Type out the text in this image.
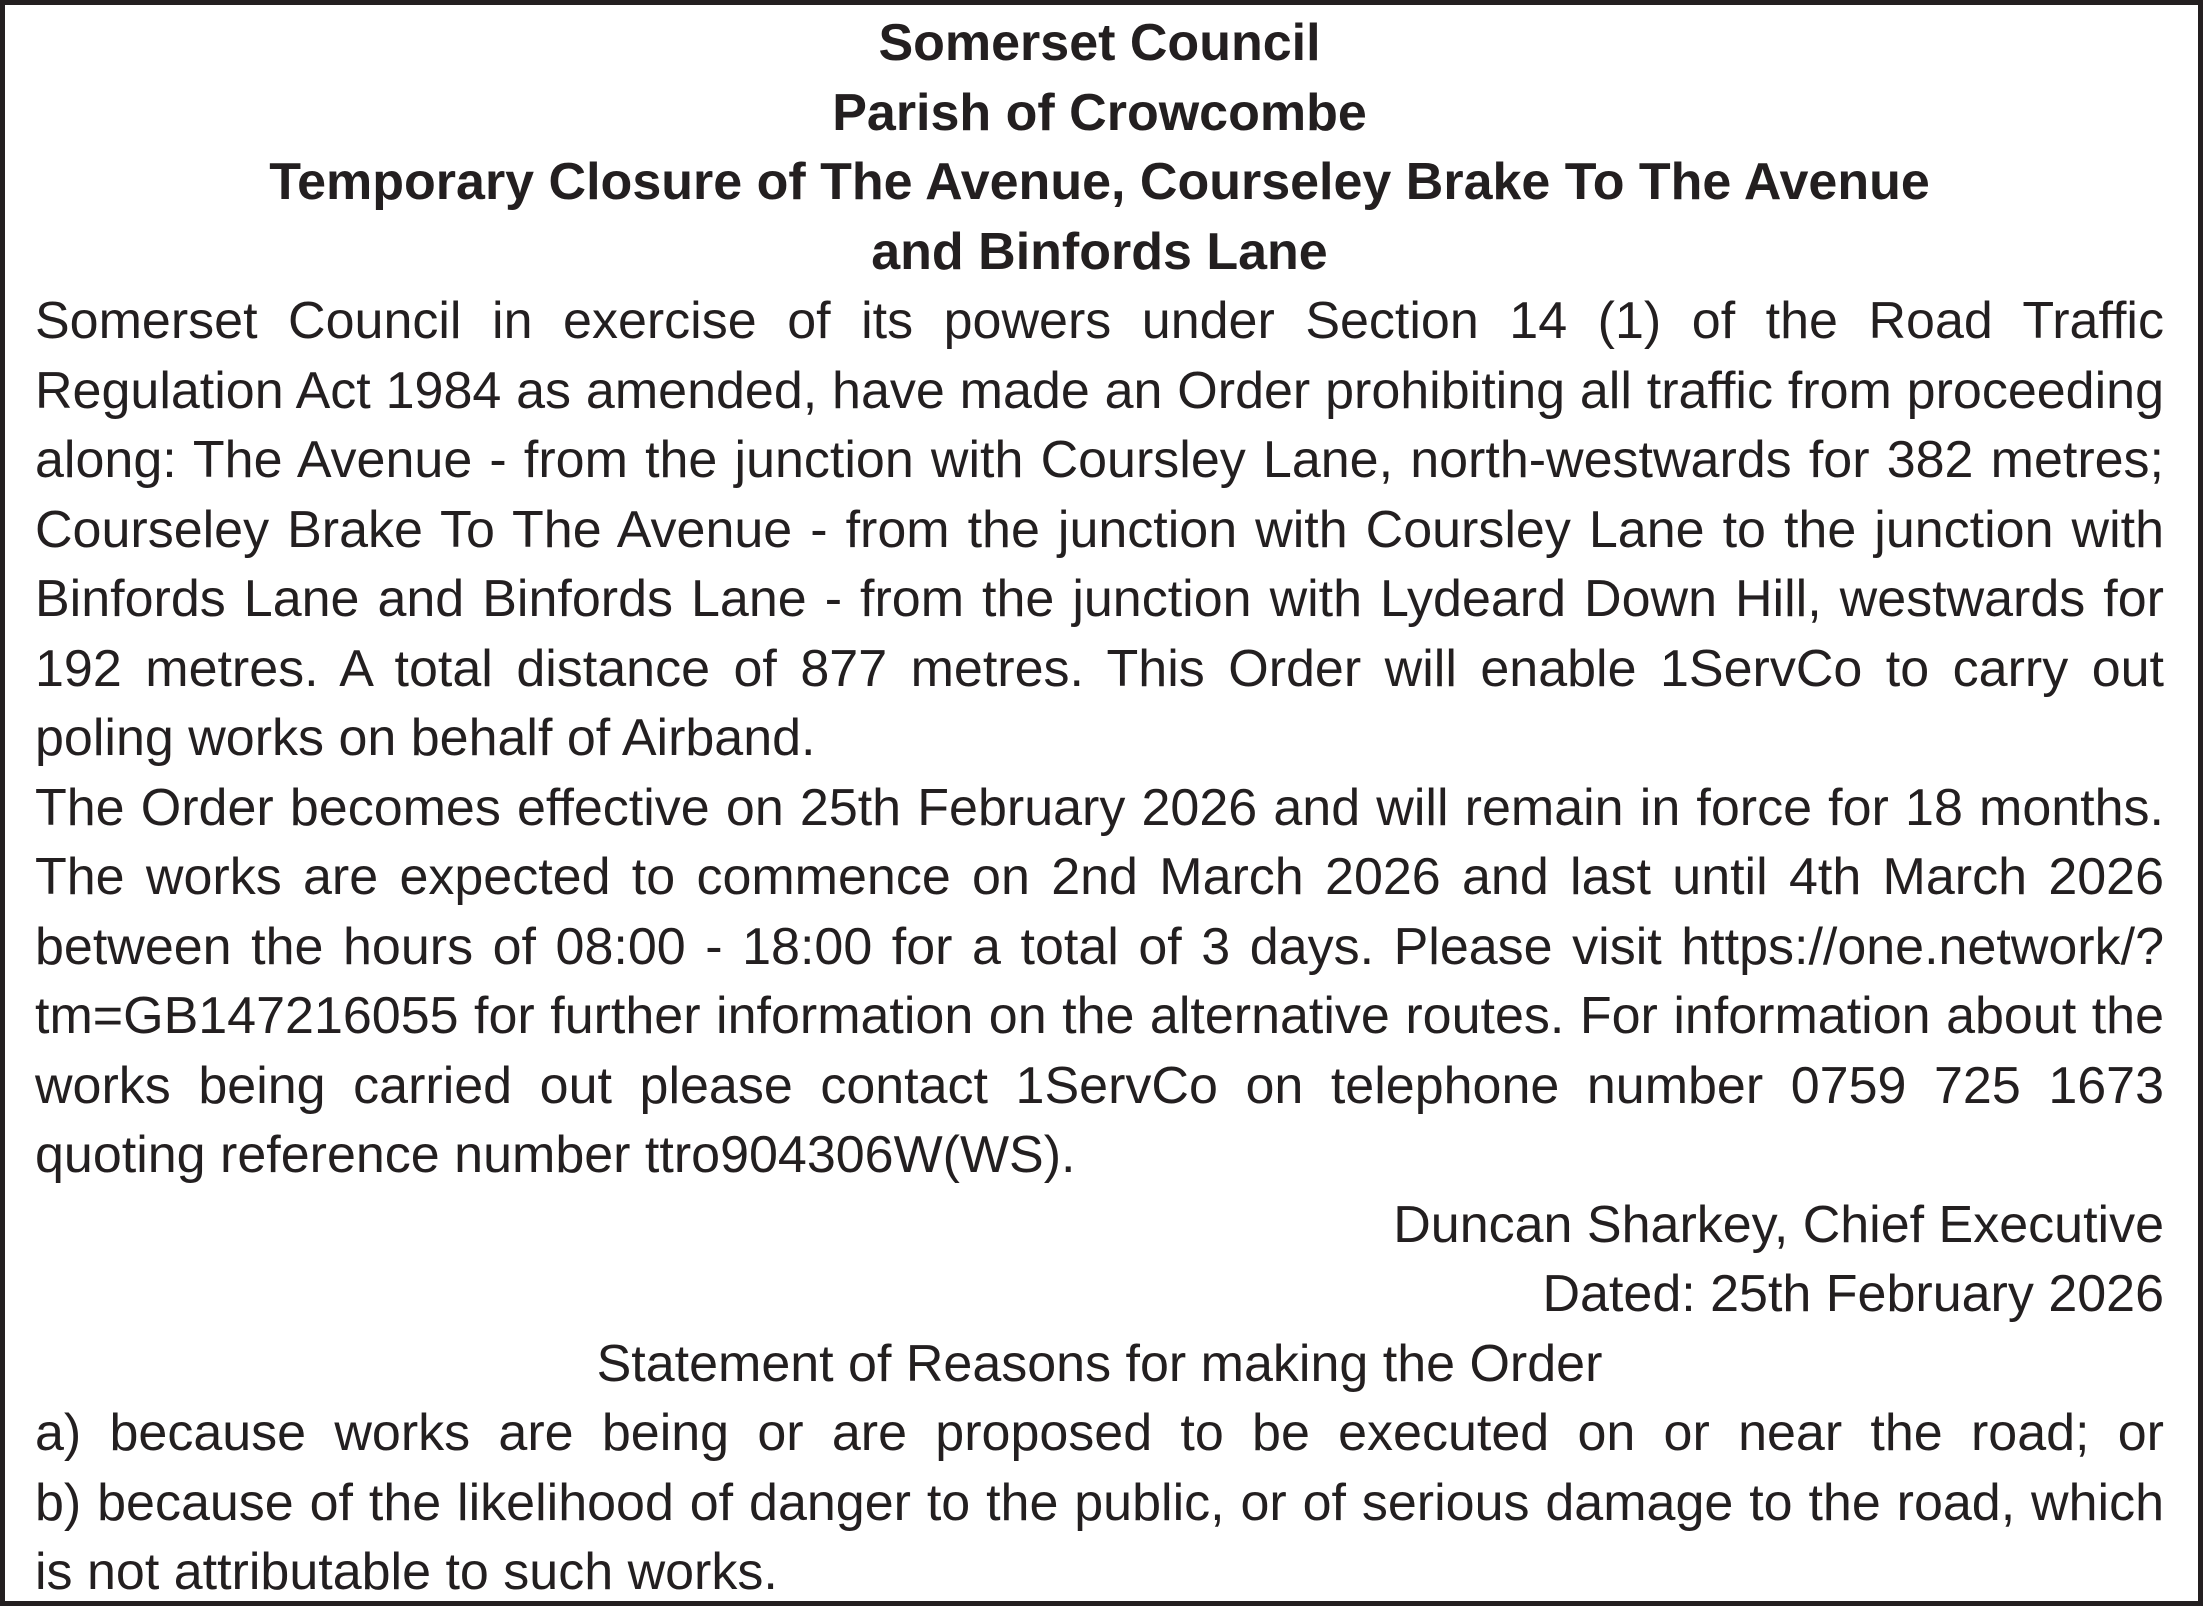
Somerset Council

Parish of Crowcombe

Temporary Closure of The Avenue, Courseley Brake To The Avenue

and Binfords Lane

Somerset Council in exercise of its powers under Section 14 (1) of the Road Traffic Regulation Act 1984 as amended, have made an Order prohibiting all traffic from proceeding along: The Avenue - from the junction with Coursley Lane, north-westwards for 382 metres; Courseley Brake To The Avenue - from the junction with Coursley Lane to the junction with Binfords Lane and Binfords Lane - from the junction with Lydeard Down Hill, westwards for 192 metres. A total distance of 877 metres. This Order will enable 1ServCo to carry out poling works on behalf of Airband.

The Order becomes effective on 25th February 2026 and will remain in force for 18 months. The works are expected to commence on 2nd March 2026 and last until 4th March 2026 between the hours of 08:00 - 18:00 for a total of 3 days. Please visit https://one.network/?tm=GB147216055 for further information on the alternative routes. For information about the works being carried out please contact 1ServCo on telephone number 0759 725 1673 quoting reference number ttro904306W(WS).

Duncan Sharkey, Chief Executive

Dated: 25th February 2026

Statement of Reasons for making the Order

a) because works are being or are proposed to be executed on or near the road; or

b) because of the likelihood of danger to the public, or of serious damage to the road, which is not attributable to such works.
